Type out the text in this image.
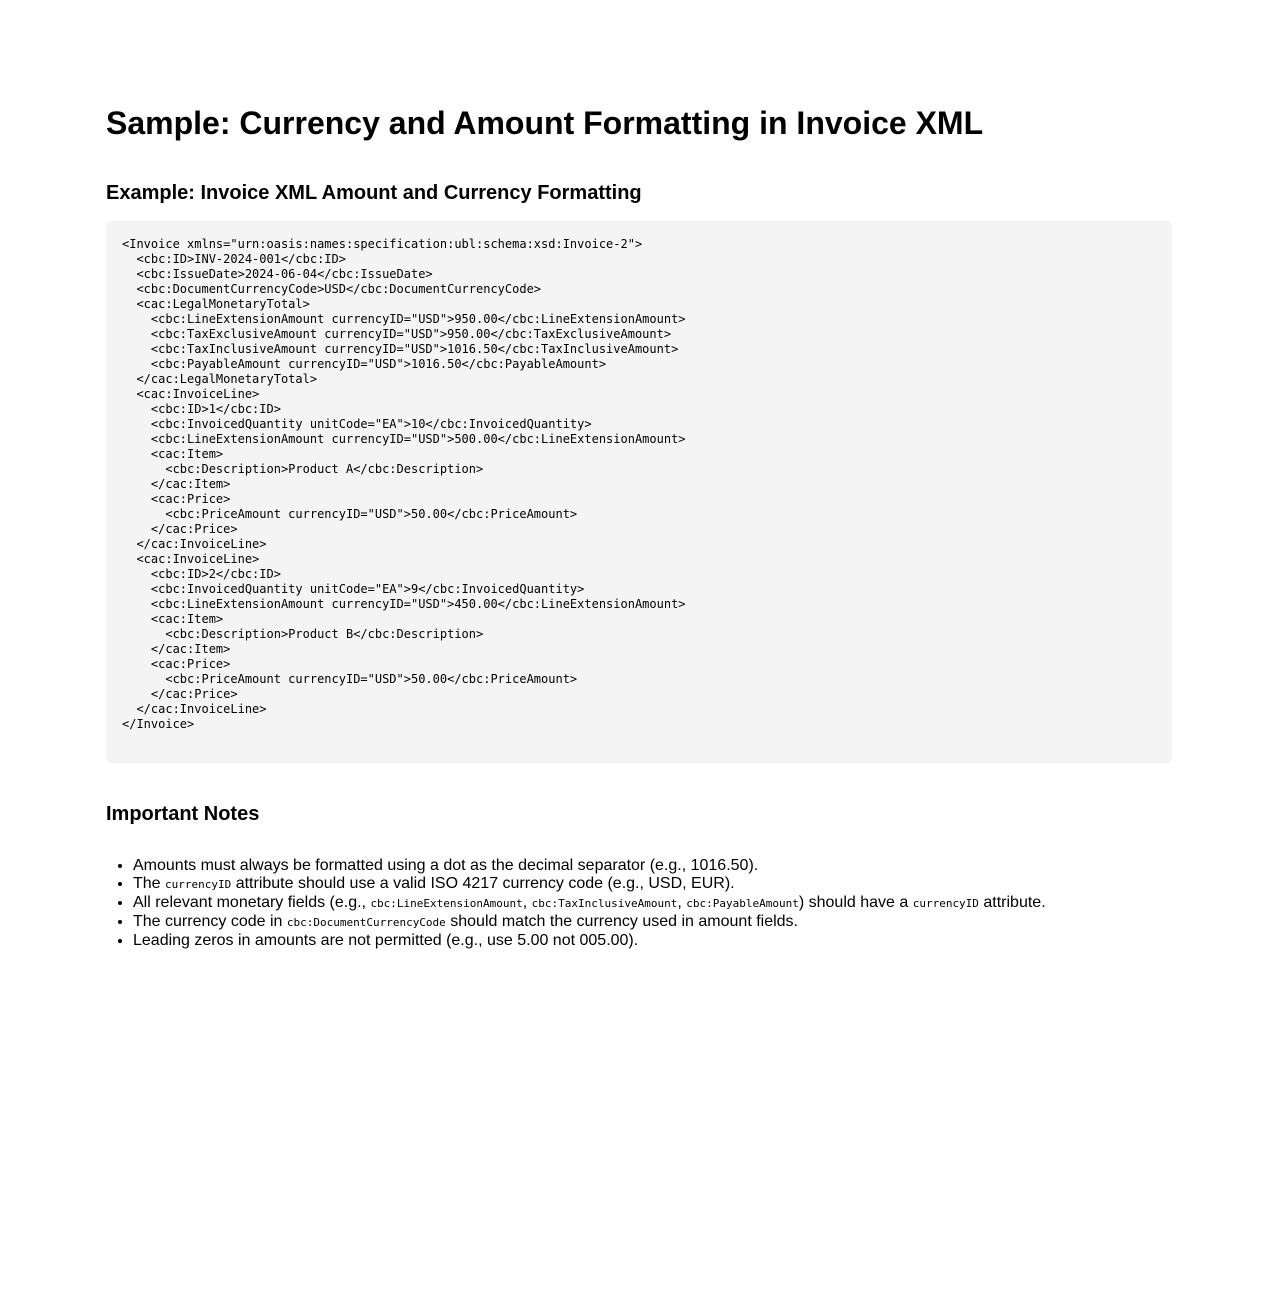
Sample: Currency and Amount Formatting in Invoice XML
Example: Invoice XML Amount and Currency Formatting
<Invoice xmlns="urn:oasis:names:specification:ubl:schema:xsd:Invoice-2">
<cbc:ID>INV-2024-001</cbc:ID>
<cbc:IssueDate>2024-06-04</cbc:IssueDate>
<cbc:DocumentCurrencyCode>USD</cbc:DocumentCurrencyCode>
<cac:LegalMonetaryTotal>
<cbc:LineExtensionAmount currencyID="USD">950.00</cbc:LineExtensionAmount>
<cbc:TaxExclusiveAmount currencyID="USD">950.00</cbc:TaxExclusiveAmount>
<cbc:TaxInclusiveAmount currencyID="USD">1016.50</cbc:TaxInclusiveAmount>
<cbc:PayableAmount currencyID="USD">1016.50</cbc:PayableAmount>
</cac:LegalMonetaryTotal>
<cac:InvoiceLine>
<cbc:ID>1</cbc:ID>
<cbc:InvoicedQuantity unitCode="EA">10</cbc:InvoicedQuantity>
<cbc:LineExtensionAmount currencyID="USD">500.00</cbc:LineExtensionAmount>
<cac:Item>
<cbc:Description>Product A</cbc:Description>
</cac:Item>
<cac:Price>
<cbc:PriceAmount currencyID="USD">50.00</cbc:PriceAmount>
</cac:Price>
</cac:InvoiceLine>
<cac:InvoiceLine>
<cbc:ID>2</cbc:ID>
<cbc:InvoicedQuantity unitCode="EA">9</cbc:InvoicedQuantity>
<cbc:LineExtensionAmount currencyID="USD">450.00</cbc:LineExtensionAmount>
<cac:Item>
<cbc:Description>Product B</cbc:Description>
</cac:Item>
<cac:Price>
<cbc:PriceAmount currencyID="USD">50.00</cbc:PriceAmount>
</cac:Price>
</cac:InvoiceLine>
</Invoice>
Important Notes
• Amounts must always be formatted using a dot as the decimal separator (e.g., 1016.50).
• The currencyID attribute should use a valid ISO 4217 currency code (e.g., USD, EUR).
• All relevant monetary fields (e.g., cbc:LineExtensionAmount, cbc:TaxInclusiveAmount, cbc:PayableAmount) should have a currencyID attribute.
• The currency code in cbc:DocumentCurrencyCode should match the currency used in amount fields.
• Leading zeros in amounts are not permitted (e.g., use 5.00 not 005.00).
